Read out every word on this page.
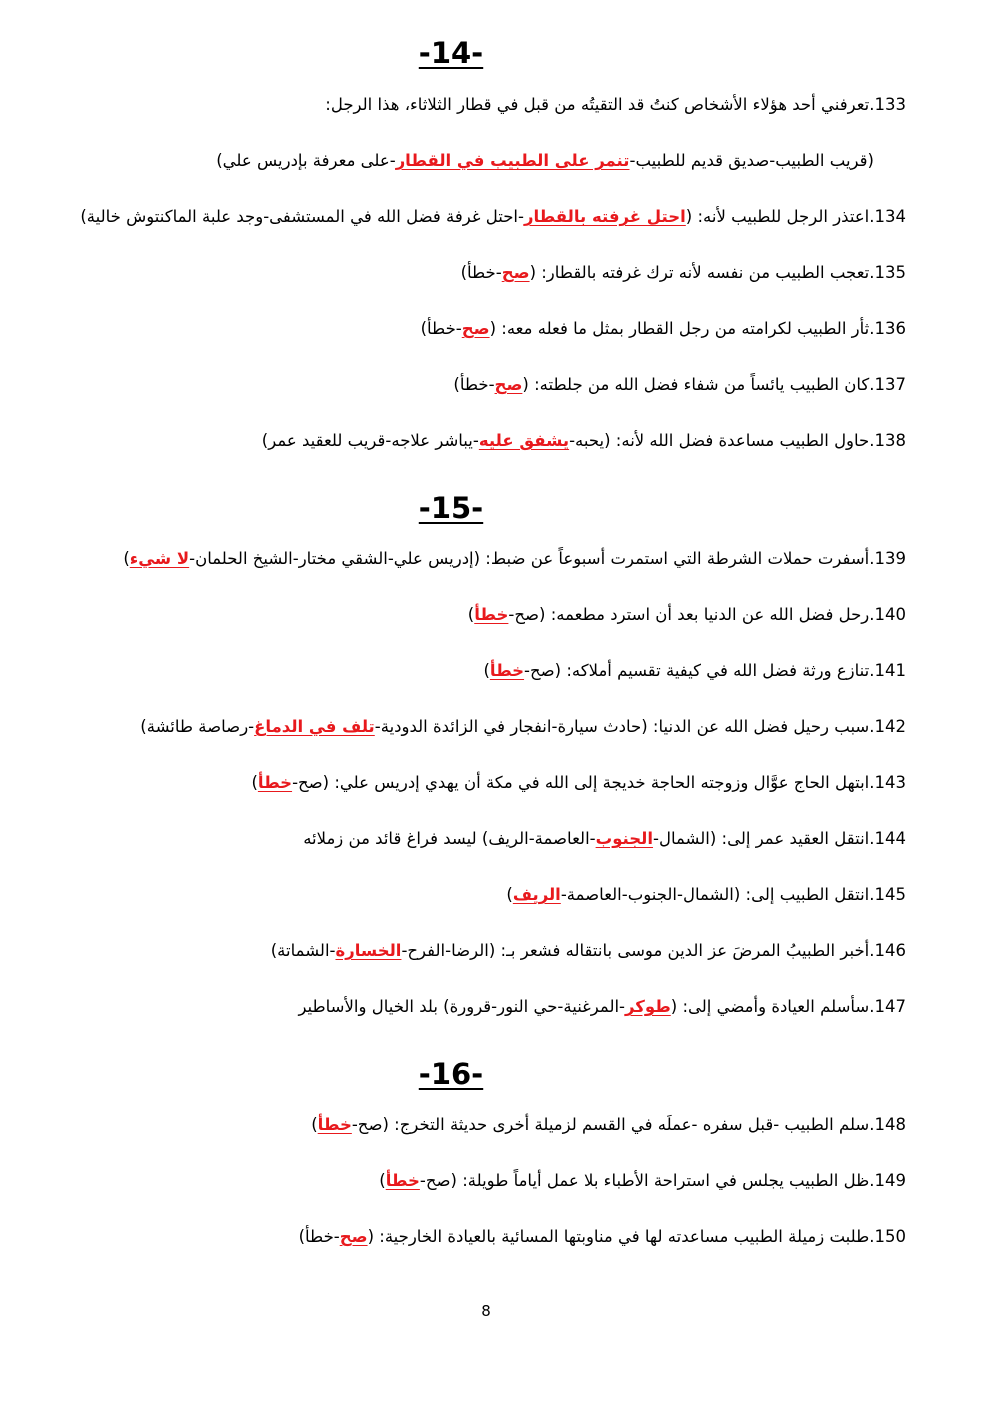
-14-
133.تعرفني أحد هؤلاء الأشخاص كنتُ قد التقيتُه من قبل في قطار الثلاثاء، هذا الرجل:
(قريب الطبيب-صديق قديم للطبيب-تنمر على الطبيب في القطار-على معرفة بإدريس علي)
134.اعتذر الرجل للطبيب لأنه: (احتل غرفته بالقطار-احتل غرفة فضل الله في المستشفى-وجد علبة الماكنتوش خالية)
135.تعجب الطبيب من نفسه لأنه ترك غرفته بالقطار: (صح-خطأ)
136.ثأر الطبيب لكرامته من رجل القطار بمثل ما فعله معه: (صح-خطأ)
137.كان الطبيب يائساً من شفاء فضل الله من جلطته: (صح-خطأ)
138.حاول الطبيب مساعدة فضل الله لأنه: (يحبه-يشفق عليه-يباشر علاجه-قريب للعقيد عمر)
-15-
139.أسفرت حملات الشرطة التي استمرت أسبوعاً عن ضبط: (إدريس علي-الشقي مختار-الشيخ الحلمان-لا شيء)
140.رحل فضل الله عن الدنيا بعد أن استرد مطعمه: (صح-خطأ)
141.تنازع ورثة فضل الله في كيفية تقسيم أملاكه: (صح-خطأ)
142.سبب رحيل فضل الله عن الدنيا: (حادث سيارة-انفجار في الزائدة الدودية-تلف في الدماغ-رصاصة طائشة)
143.ابتهل الحاج عوَّال وزوجته الحاجة خديجة إلى الله في مكة أن يهدي إدريس علي: (صح-خطأ)
144.انتقل العقيد عمر إلى: (الشمال-الجنوب-العاصمة-الريف) ليسد فراغ قائد من زملائه
145.انتقل الطبيب إلى: (الشمال-الجنوب-العاصمة-الريف)
146.أخبر الطبيبُ المرضَ عز الدين موسى بانتقاله فشعر بـ: (الرضا-الفرح-الخسارة-الشماتة)
147.سأسلم العيادة وأمضي إلى: (طوكر-المرغنية-حي النور-قرورة) بلد الخيال والأساطير
-16-
148.سلم الطبيب -قبل سفره -عملَه في القسم لزميلة أخرى حديثة التخرج: (صح-خطأ)
149.ظل الطبيب يجلس في استراحة الأطباء بلا عمل أياماً طويلة: (صح-خطأ)
150.طلبت زميلة الطبيب مساعدته لها في مناوبتها المسائية بالعيادة الخارجية: (صح-خطأ)
8
